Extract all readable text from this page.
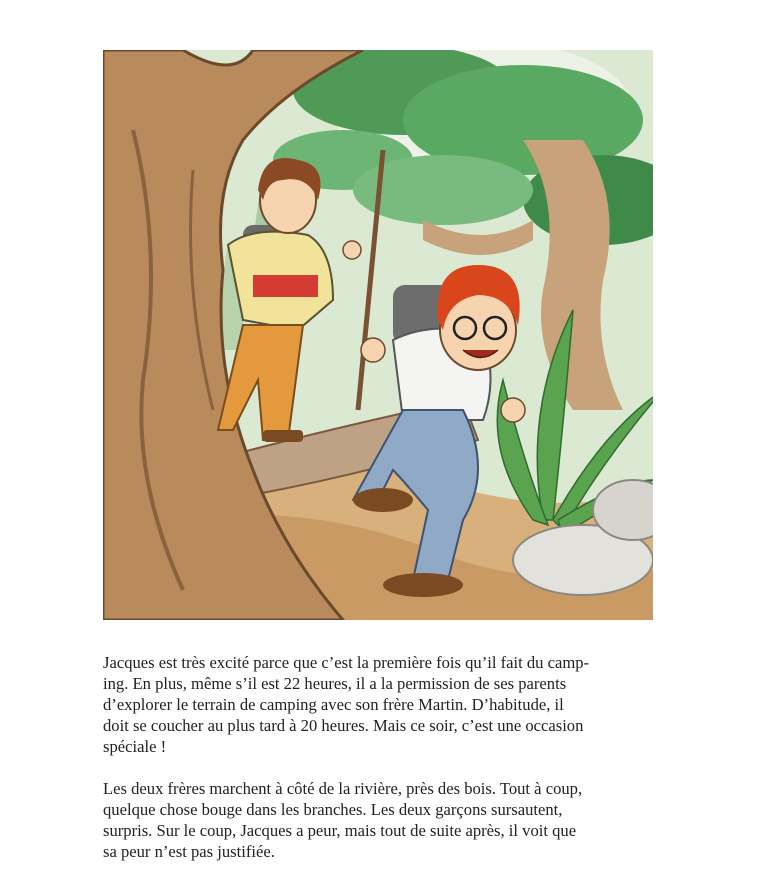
Jacques est très excité parce que c’est la première fois qu’il fait du camp-
ing. En plus, même s’il est 22 heures, il a la permission de ses parents
d’explorer le terrain de camping avec son frère Martin. D’habitude, il
doit se coucher au plus tard à 20 heures. Mais ce soir, c’est une occasion
spéciale !

Les deux frères marchent à côté de la rivière, près des bois. Tout à coup,
quelque chose bouge dans les branches. Les deux garçons sursautent,
surpris. Sur le coup, Jacques a peur, mais tout de suite après, il voit que
sa peur n’est pas justifiée.
